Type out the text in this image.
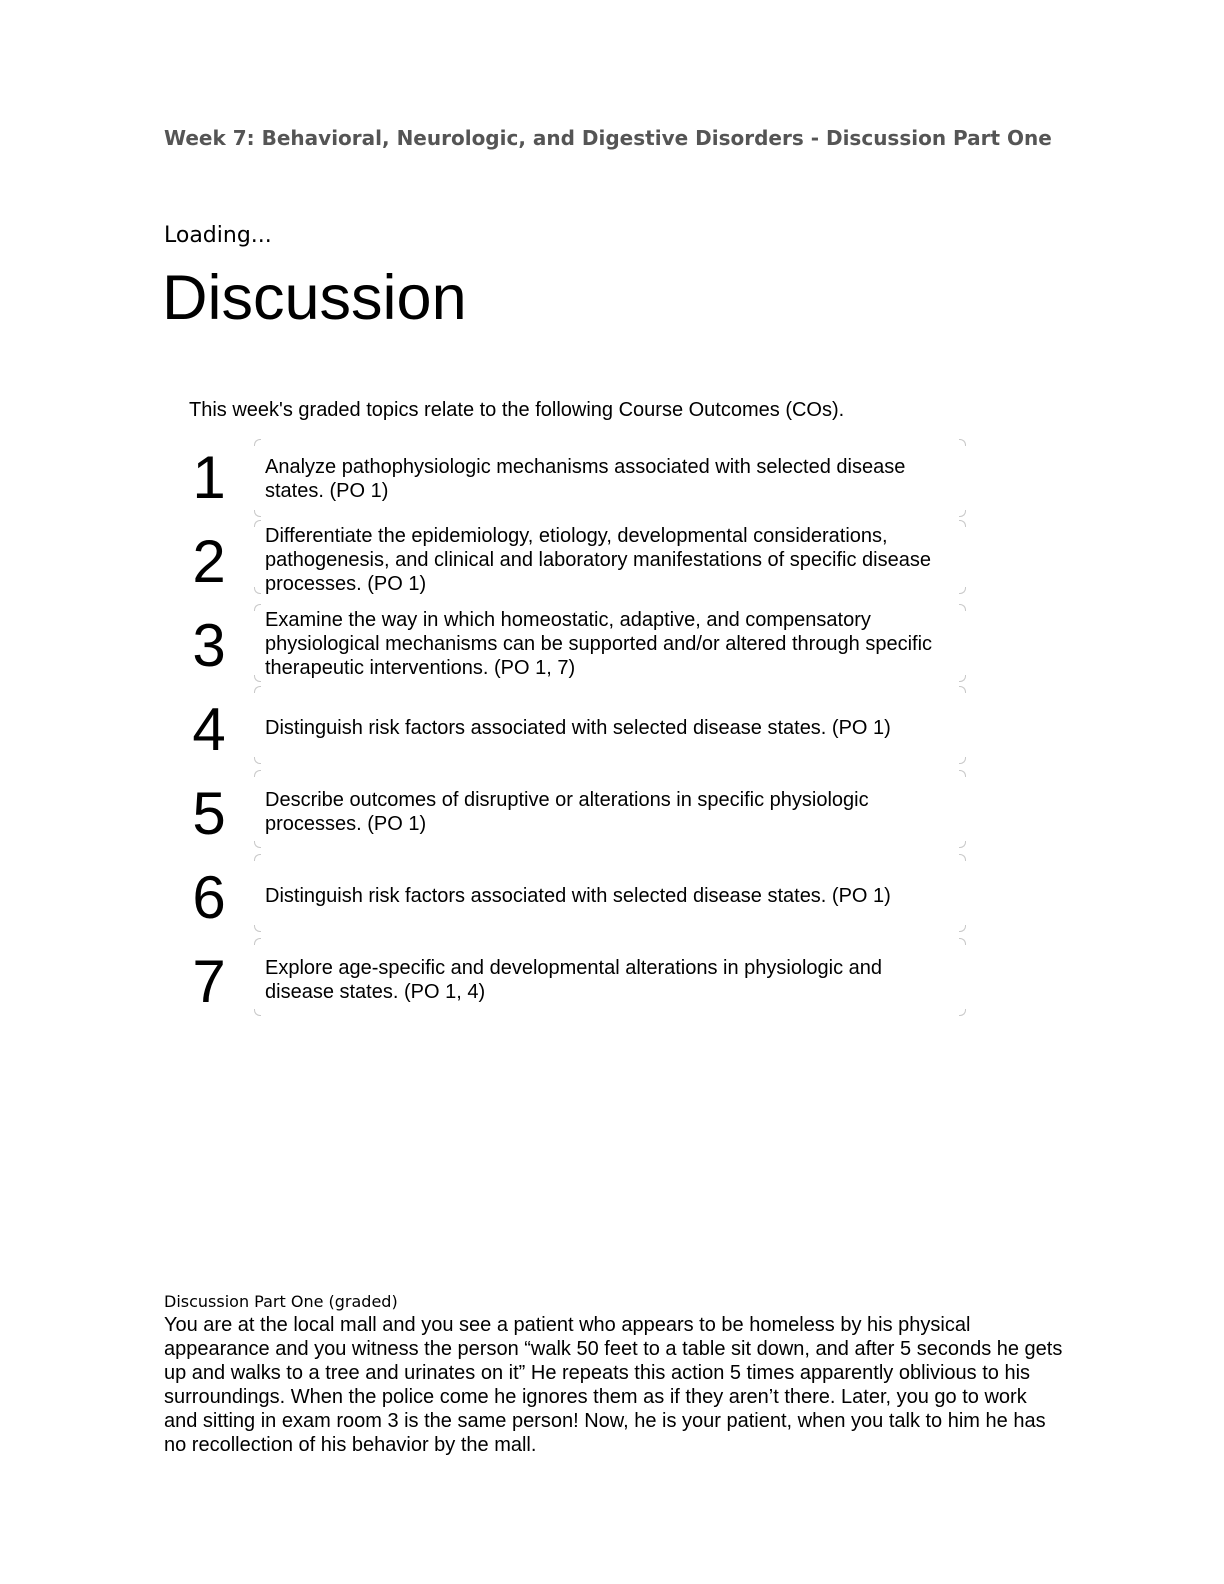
Week 7: Behavioral, Neurologic, and Digestive Disorders - Discussion Part One
Loading...
Discussion

This week's graded topics relate to the following Course Outcomes (COs).

1	Analyze pathophysiologic mechanisms associated with selected disease states. (PO 1)

2	Differentiate the epidemiology, etiology, developmental considerations, pathogenesis, and clinical and laboratory manifestations of specific disease processes. (PO 1)

3	Examine the way in which homeostatic, adaptive, and compensatory physiological mechanisms can be supported and/or altered through specific therapeutic interventions. (PO 1, 7)

4	Distinguish risk factors associated with selected disease states. (PO 1)

5	Describe outcomes of disruptive or alterations in specific physiologic processes. (PO 1)

6	Distinguish risk factors associated with selected disease states. (PO 1)

7	Explore age-specific and developmental alterations in physiologic and disease states. (PO 1, 4)

Discussion Part One (graded)

You are at the local mall and you see a patient who appears to be homeless by his physical appearance and you witness the person “walk 50 feet to a table sit down, and after 5 seconds he gets up and walks to a tree and urinates on it” He repeats this action 5 times apparently oblivious to his surroundings. When the police come he ignores them as if they aren’t there. Later, you go to work and sitting in exam room 3 is the same person! Now, he is your patient, when you talk to him he has no recollection of his behavior by the mall.
